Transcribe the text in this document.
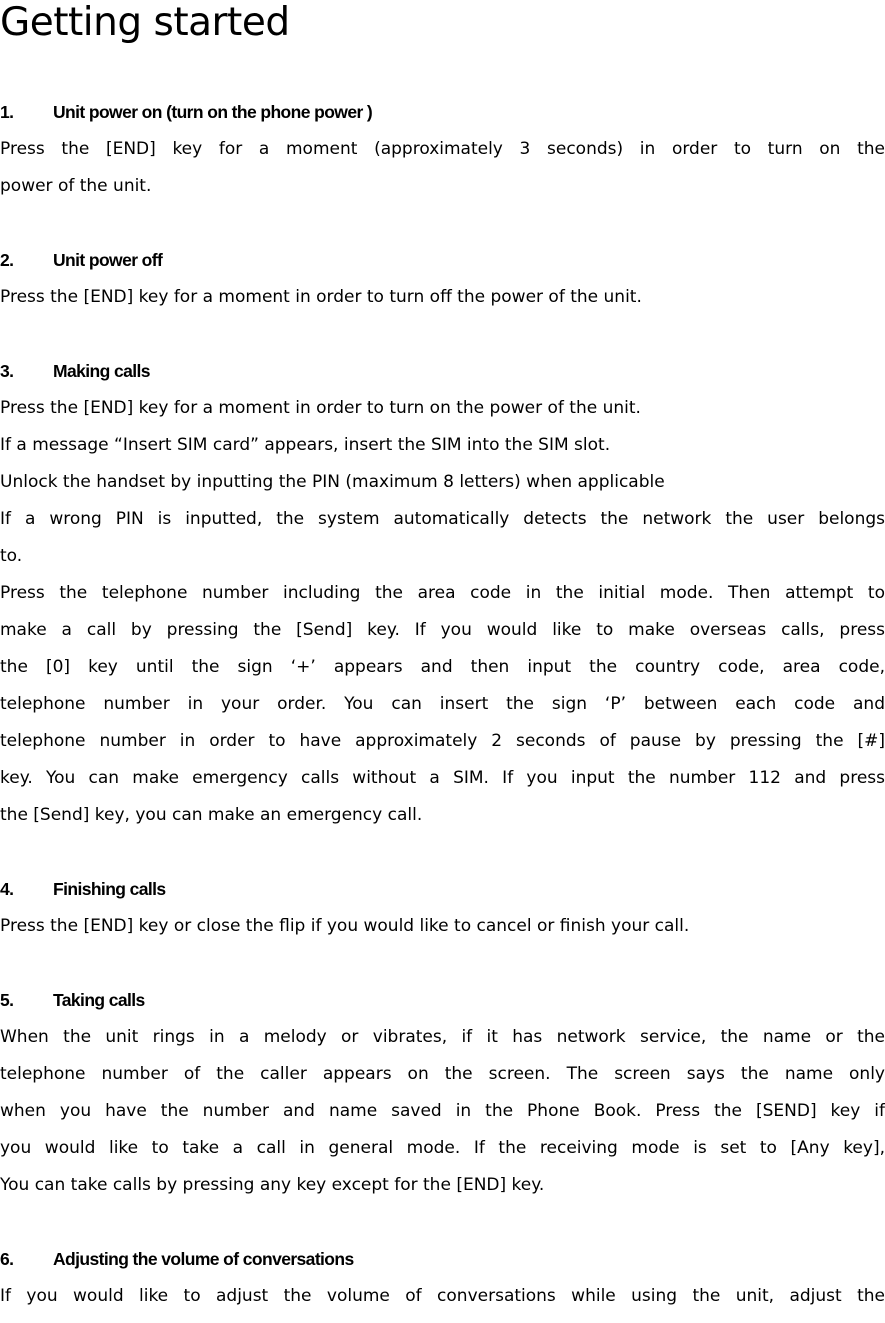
Getting started
1.	Unit power on (turn on the phone power )
Press the [END] key for a moment (approximately 3 seconds) in order to turn on the
power of the unit.
2.	Unit power off
Press the [END] key for a moment in order to turn off the power of the unit.
3.	Making calls
Press the [END] key for a moment in order to turn on the power of the unit.
If a message “Insert SIM card” appears, insert the SIM into the SIM slot.
Unlock the handset by inputting the PIN (maximum 8 letters) when applicable
If a wrong PIN is inputted, the system automatically detects the network the user belongs
to.
Press the telephone number including the area code in the initial mode. Then attempt to
make a call by pressing the [Send] key. If you would like to make overseas calls, press
the [0] key until the sign ‘+’ appears and then input the country code, area code,
telephone number in your order. You can insert the sign ‘P’ between each code and
telephone number in order to have approximately 2 seconds of pause by pressing the [#]
key. You can make emergency calls without a SIM. If you input the number 112 and press
the [Send] key, you can make an emergency call.
4.	Finishing calls
Press the [END] key or close the flip if you would like to cancel or finish your call.
5.	Taking calls
When the unit rings in a melody or vibrates, if it has network service, the name or the
telephone number of the caller appears on the screen. The screen says the name only
when you have the number and name saved in the Phone Book. Press the [SEND] key if
you would like to take a call in general mode. If the receiving mode is set to [Any key],
You can take calls by pressing any key except for the [END] key.
6.	Adjusting the volume of conversations
If you would like to adjust the volume of conversations while using the unit, adjust the
